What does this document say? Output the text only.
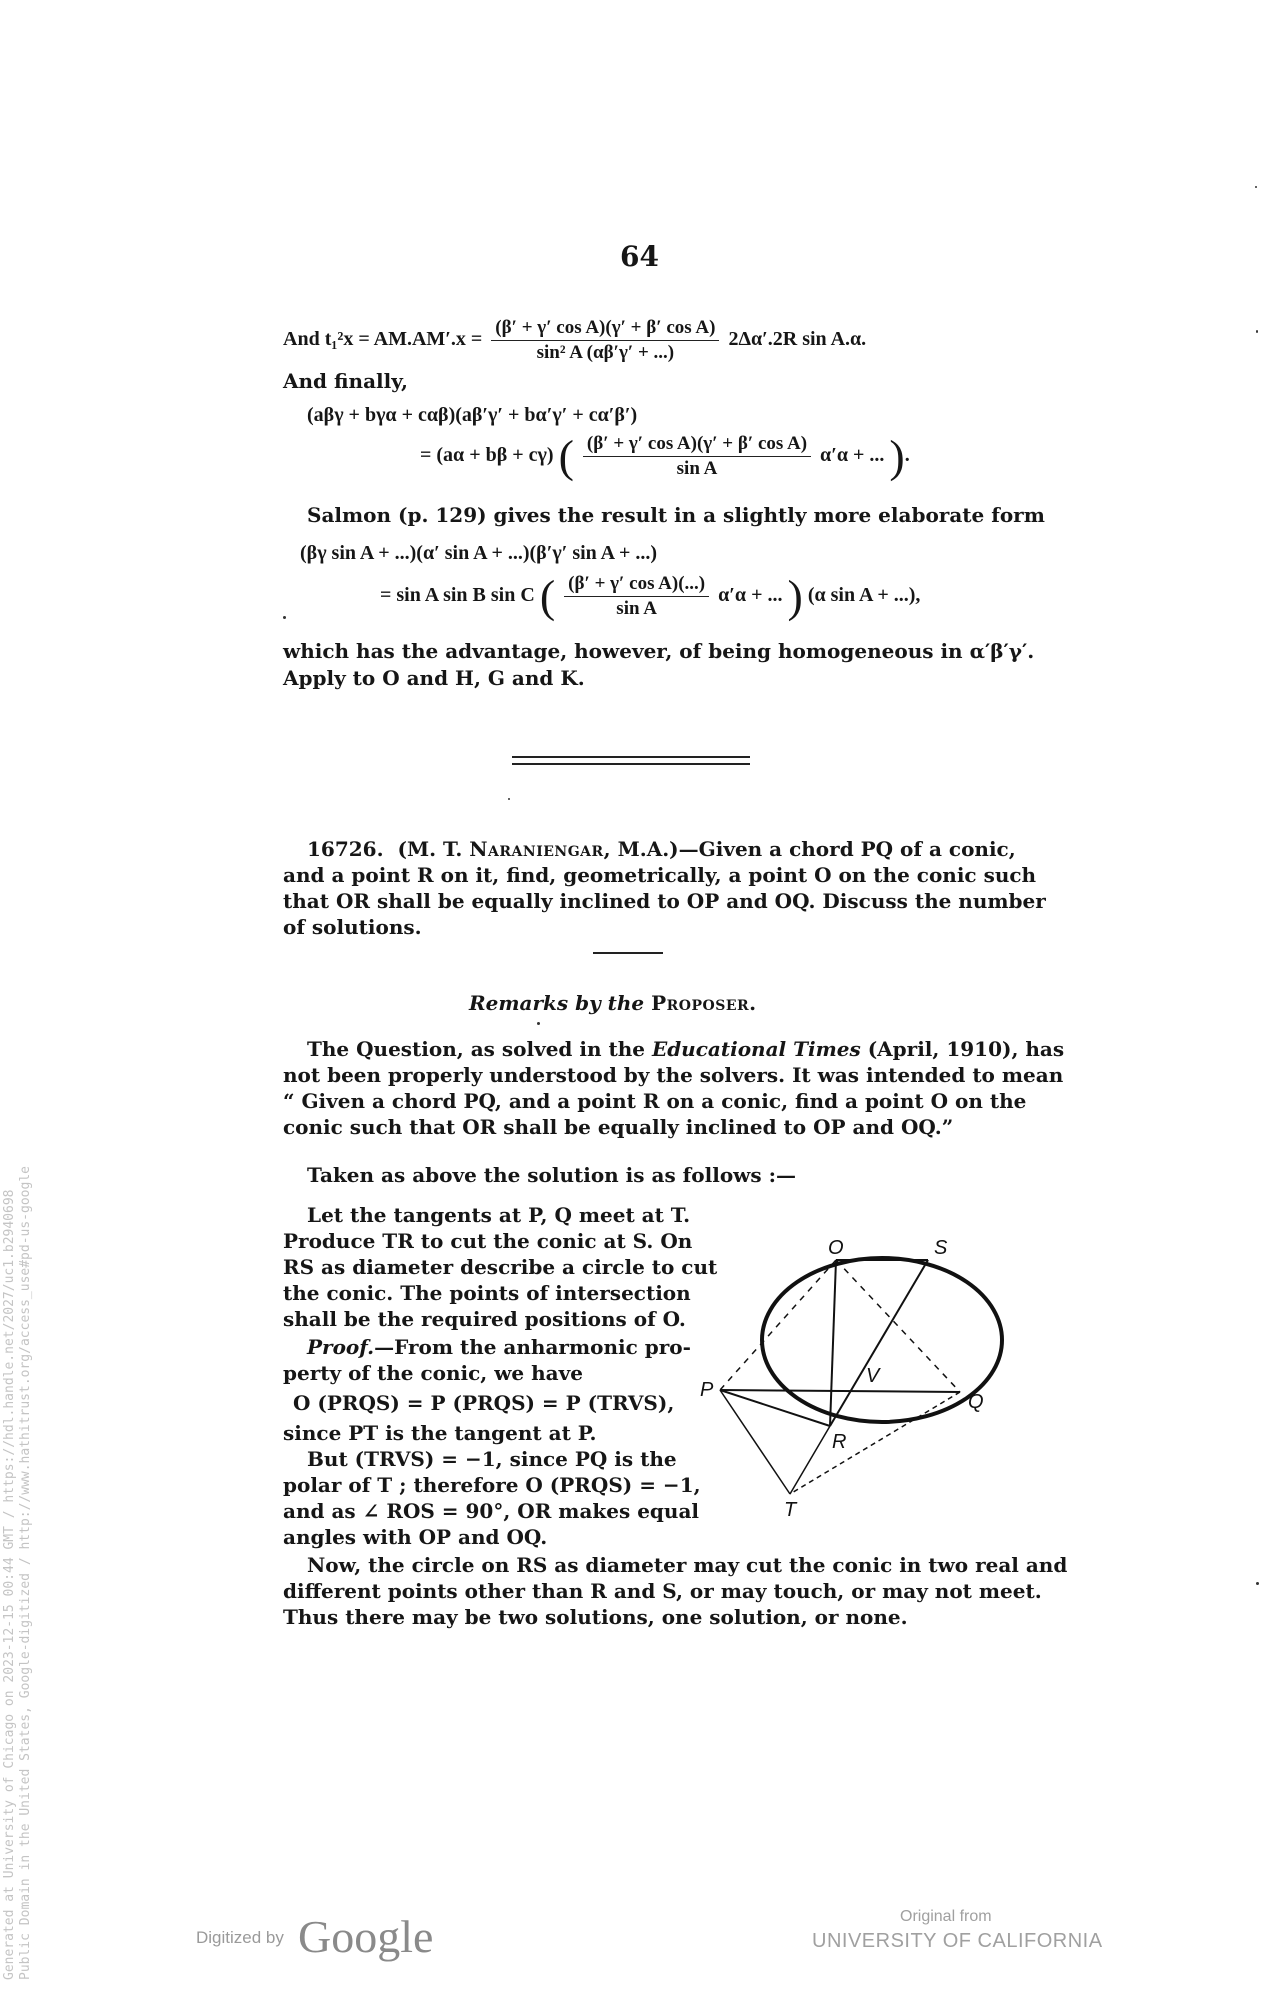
64
And $t_1^2x = AM.AM'.x = \frac{\text{(β′ + γ′ cos A)(γ′ + β′ cos A)}}{\text{sin² A (αβ′γ′ + ...)}} 2\Delta\alpha'.2R$ sin A.α.
And finally,
(aβγ + bγα + cαβ)(aβ′γ′ + bα′γ′ + cα′β′)
= (aα + bβ + cγ) ( $\frac{\text{(β′ + γ′ cos A)(γ′ + β′ cos A)}}{\text{sin A}} \alpha'\alpha$ + ... ).
Salmon (p. 129) gives the result in a slightly more elaborate form
(βγ sin A + ...)(α′ sin A + ...)(β′γ′ sin A + ...)
= sin A sin B sin C ( $\frac{\text{(β′ + γ′ cos A)(...)}}{\text{sin A}} \alpha'\alpha$ + ... ) (α sin A + ...),
which has the advantage, however, of being homogeneous in α′β′γ′.
Apply to O and H, G and K.
16726. (M. T. Naraniengar, M.A.)—Given a chord PQ of a conic,
and a point R on it, find, geometrically, a point O on the conic such
that OR shall be equally inclined to OP and OQ. Discuss the number
of solutions.
Remarks by the Proposer.
The Question, as solved in the Educational Times (April, 1910), has
not been properly understood by the solvers. It was intended to mean
“ Given a chord PQ, and a point R on a conic, find a point O on the
conic such that OR shall be equally inclined to OP and OQ.”
Taken as above the solution is as follows :—
Let the tangents at P, Q meet at T.
Produce TR to cut the conic at S. On
RS as diameter describe a circle to cut
the conic. The points of intersection
shall be the required positions of O.
Proof.—From the anharmonic pro-
perty of the conic, we have
O (PRQS) = P (PRQS) = P (TRVS),
since PT is the tangent at P.
But (TRVS) = −1, since PQ is the
polar of T ; therefore O (PRQS) = −1,
and as ∠ ROS = 90°, OR makes equal
angles with OP and OQ.
O	S
P
Q
V
R
T
Now, the circle on RS as diameter may cut the conic in two real and
different points other than R and S, or may touch, or may not meet.
Thus there may be two solutions, one solution, or none.
Generated at University of Chicago on 2023-12-15 00:44 GMT / https://hdl.handle.net/2027/uc1.b2940698 Public Domain in the United States, Google-digitized / http://www.hathitrust.org/access_use#pd-us-google	Digitized by Google	Original from
UNIVERSITY OF CALIFORNIA
